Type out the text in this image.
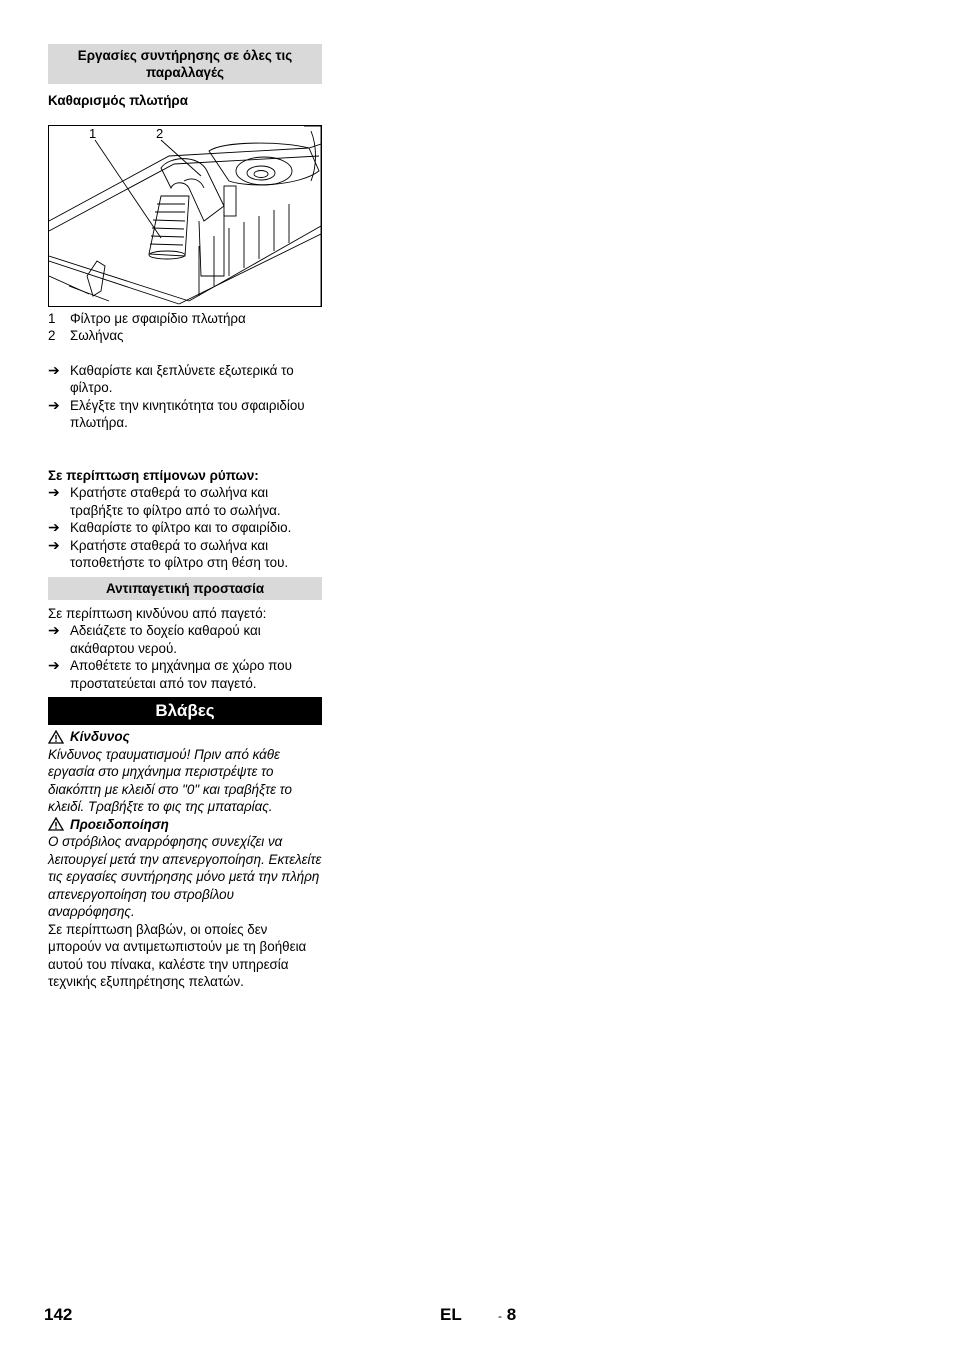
Εργασίες συντήρησης σε όλες τις παραλλαγές
Καθαρισμός πλωτήρα
1	2
1	Φίλτρο με σφαιρίδιο πλωτήρα
2	Σωλήνας
➔ Καθαρίστε και ξεπλύνετε εξωτερικά το φίλτρο.
➔ Ελέγξτε την κινητικότητα του σφαιριδίου πλωτήρα.
Σε περίπτωση επίμονων ρύπων:
➔ Κρατήστε σταθερά το σωλήνα και τραβήξτε το φίλτρο από το σωλήνα.
➔ Καθαρίστε το φίλτρο και το σφαιρίδιο.
➔ Κρατήστε σταθερά το σωλήνα και τοποθετήστε το φίλτρο στη θέση του.
Αντιπαγετική προστασία
Σε περίπτωση κινδύνου από παγετό:
➔ Αδειάζετε το δοχείο καθαρού και ακάθαρτου νερού.
➔ Αποθέτετε το μηχάνημα σε χώρο που προστατεύεται από τον παγετό.
Βλάβες
Κίνδυνος
Κίνδυνος τραυματισμού! Πριν από κάθε εργασία στο μηχάνημα περιστρέψτε το διακόπτη με κλειδί στο "0" και τραβήξτε το κλειδί. Τραβήξτε το φις της μπαταρίας.
Προειδοποίηση
Ο στρόβιλος αναρρόφησης συνεχίζει να λειτουργεί μετά την απενεργοποίηση. Εκτελείτε τις εργασίες συντήρησης μόνο μετά την πλήρη απενεργοποίηση του στροβίλου αναρρόφησης.
Σε περίπτωση βλαβών, οι οποίες δεν μπορούν να αντιμετωπιστούν με τη βοήθεια αυτού του πίνακα, καλέστε την υπηρεσία τεχνικής εξυπηρέτησης πελατών.
142	EL	- 8
